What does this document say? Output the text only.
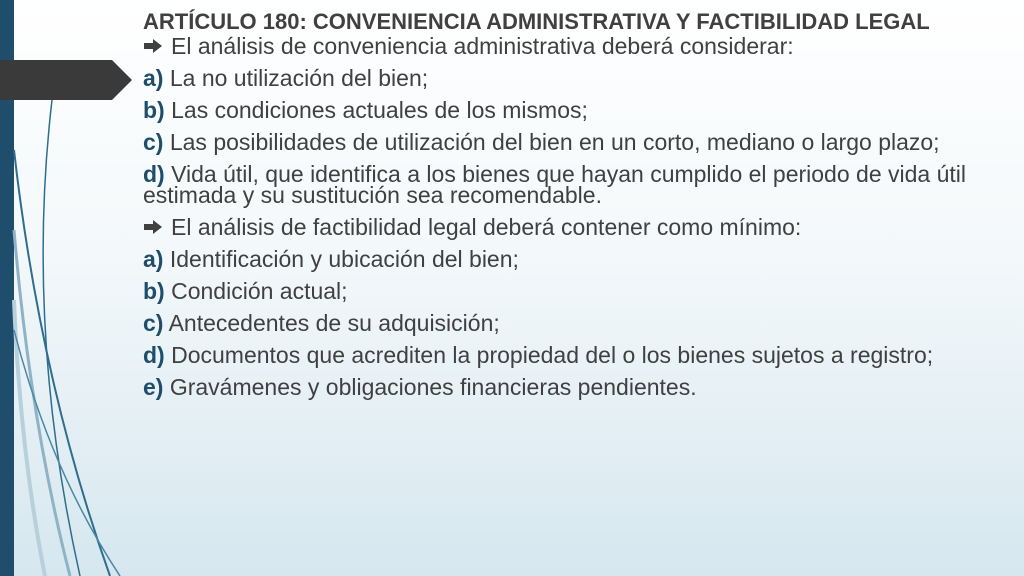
ARTÍCULO 180: CONVENIENCIA ADMINISTRATIVA Y FACTIBILIDAD LEGAL
El análisis de conveniencia administrativa deberá considerar:
a) La no utilización del bien;
b) Las condiciones actuales de los mismos;
c) Las posibilidades de utilización del bien en un corto, mediano o largo plazo;
d) Vida útil, que identifica a los bienes que hayan cumplido el periodo de vida útil estimada y su sustitución sea recomendable.
El análisis de factibilidad legal deberá contener como mínimo:
a) Identificación y ubicación del bien;
b) Condición actual;
c) Antecedentes de su adquisición;
d) Documentos que acrediten la propiedad del o los bienes sujetos a registro;
e) Gravámenes y obligaciones financieras pendientes.
